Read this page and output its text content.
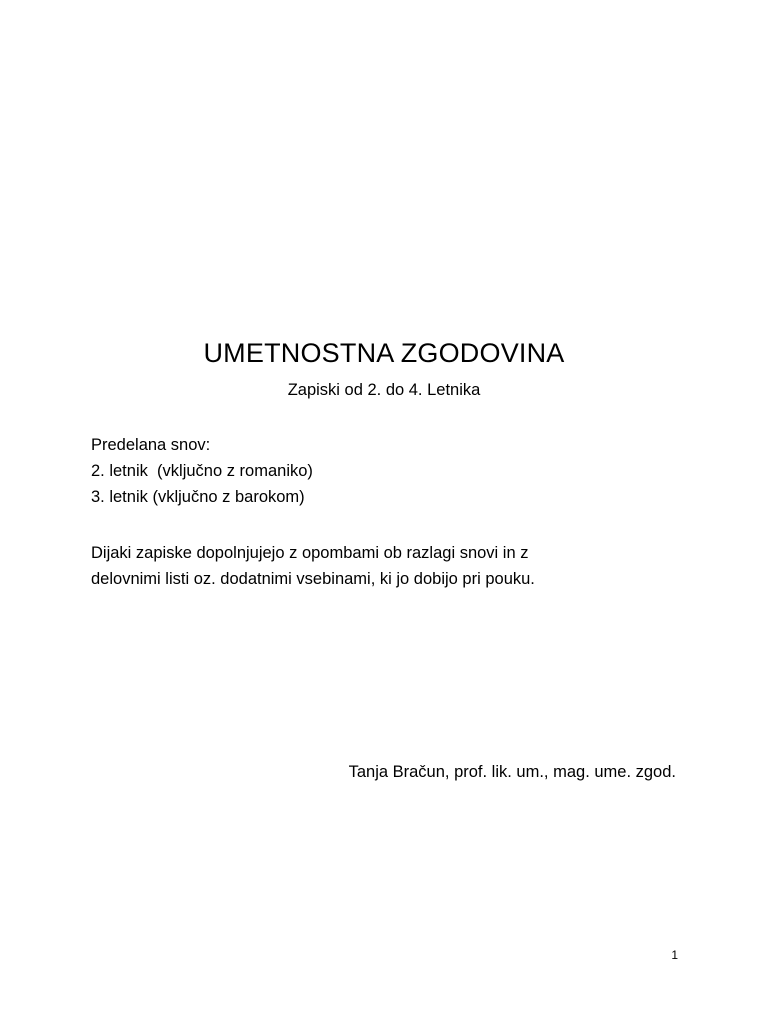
UMETNOSTNA ZGODOVINA
Zapiski od 2. do 4. Letnika
Predelana snov:
2. letnik  (vključno z romaniko)
3. letnik (vključno z barokom)
Dijaki zapiske dopolnjujejo z opombami ob razlagi snovi in z
delovnimi listi oz. dodatnimi vsebinami, ki jo dobijo pri pouku.
Tanja Bračun, prof. lik. um., mag. ume. zgod.
1
